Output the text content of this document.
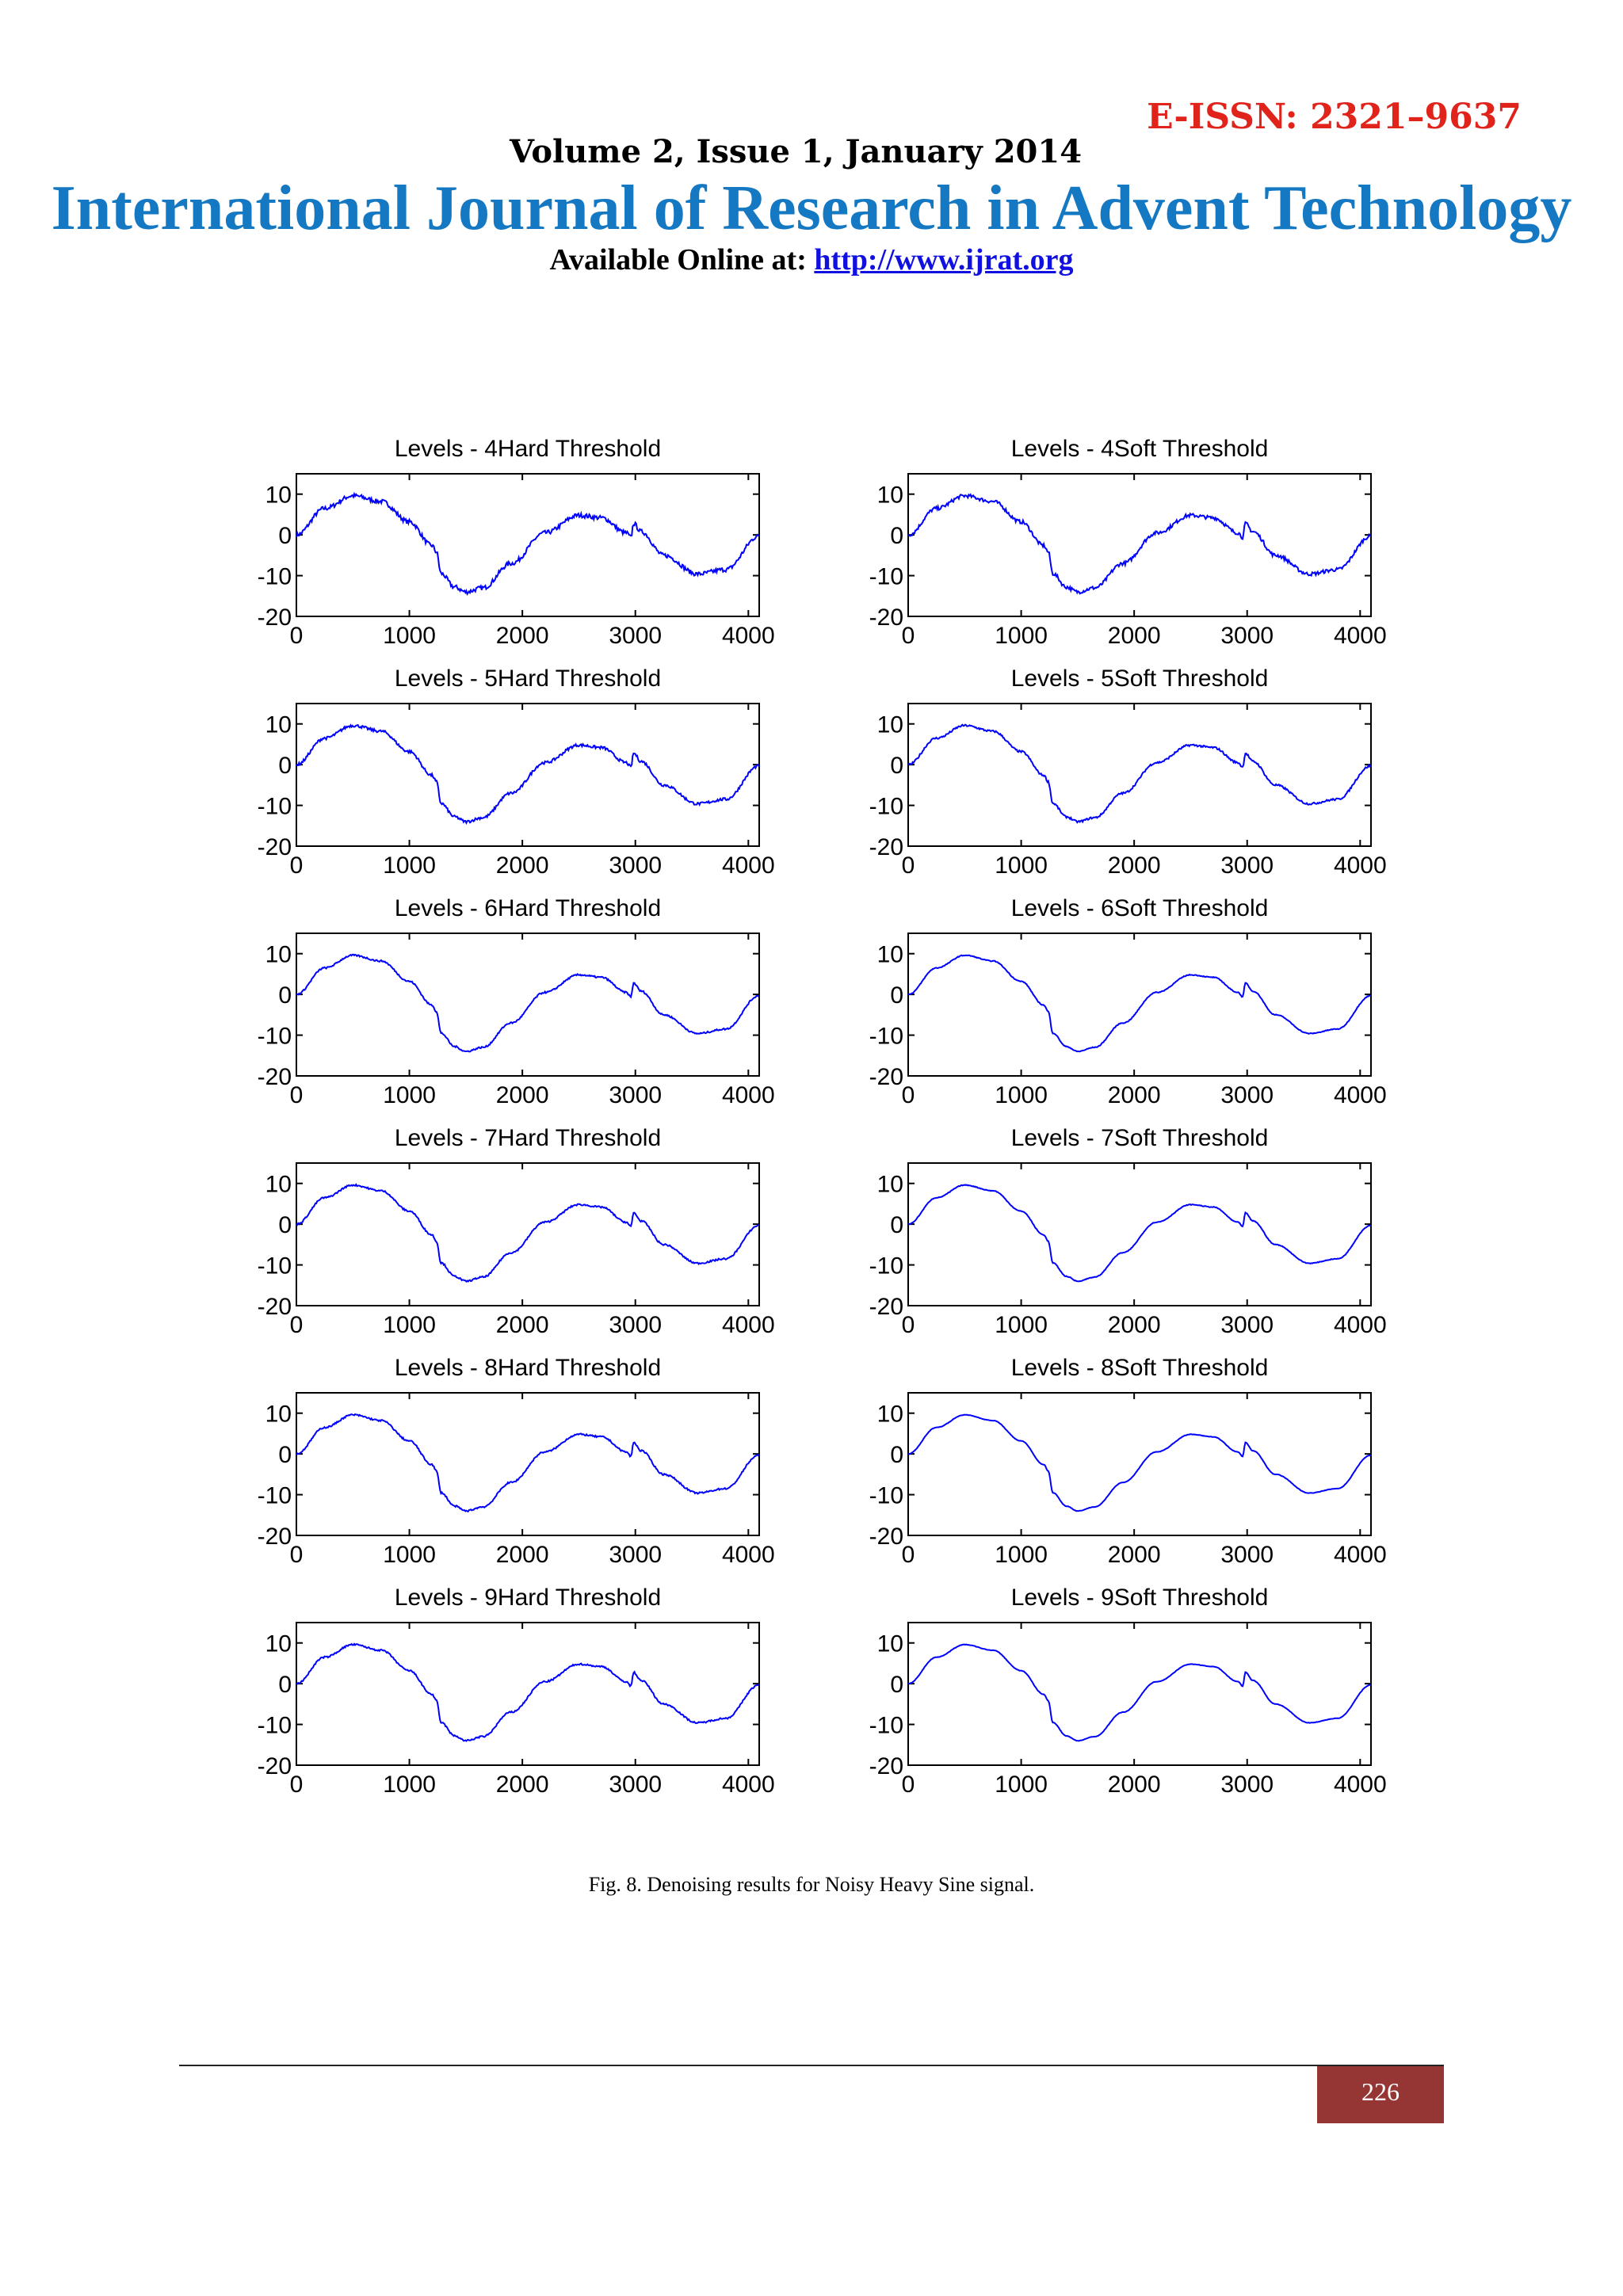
E-ISSN: 2321–9637
Volume 2, Issue 1, January 2014
International Journal of Research in Advent Technology
Available Online at: http://www.ijrat.org
Levels - 4Hard Threshold
10
0
-10
-20
0	1000	2000	3000	4000
Levels - 4Soft Threshold
10
0
-10
-20
0	1000	2000	3000	4000
Levels - 5Hard Threshold
10
0
-10
-20
0	1000	2000	3000	4000
Levels - 5Soft Threshold
10
0
-10
-20
0	1000	2000	3000	4000
Levels - 6Hard Threshold
10
0
-10
-20
0	1000	2000	3000	4000
Levels - 6Soft Threshold
10
0
-10
-20
0	1000	2000	3000	4000
Levels - 7Hard Threshold
10
0
-10
-20
0	1000	2000	3000	4000
Levels - 7Soft Threshold
10
0
-10
-20
0	1000	2000	3000	4000
Levels - 8Hard Threshold
10
0
-10
-20
0	1000	2000	3000	4000
Levels - 8Soft Threshold
10
0
-10
-20
0	1000	2000	3000	4000
Levels - 9Hard Threshold
10
0
-10
-20
0	1000	2000	3000	4000
Levels - 9Soft Threshold
10
0
-10
-20
0	1000	2000	3000	4000
Fig. 8. Denoising results for Noisy Heavy Sine signal.
226
